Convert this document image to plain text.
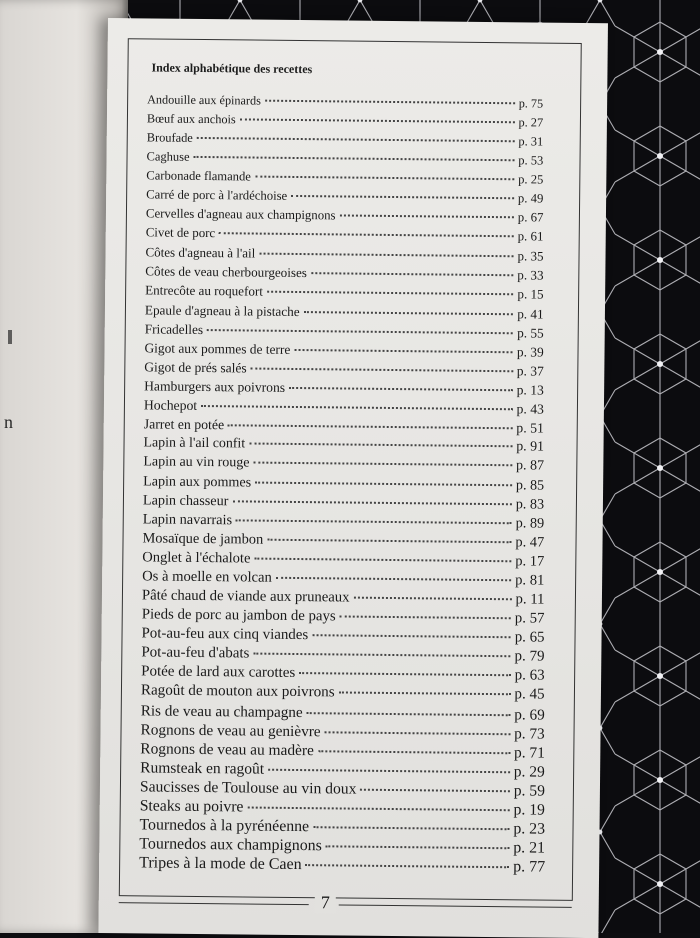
n
Index alphabétique des recettes
Andouille aux épinards	p. 75
Bœuf aux anchois	p. 27
Broufade	p. 31
Caghuse	p. 53
Carbonade flamande	p. 25
Carré de porc à l'ardéchoise	p. 49
Cervelles d'agneau aux champignons	p. 67
Civet de porc	p. 61
Côtes d'agneau à l'ail	p. 35
Côtes de veau cherbourgeoises	p. 33
Entrecôte au roquefort	p. 15
Epaule d'agneau à la pistache	p. 41
Fricadelles	p. 55
Gigot aux pommes de terre	p. 39
Gigot de prés salés	p. 37
Hamburgers aux poivrons	p. 13
Hochepot	p. 43
Jarret en potée	p. 51
Lapin à l'ail confit	p. 91
Lapin au vin rouge	p. 87
Lapin aux pommes	p. 85
Lapin chasseur	p. 83
Lapin navarrais	p. 89
Mosaïque de jambon	p. 47
Onglet à l'échalote	p. 17
Os à moelle en volcan	p. 81
Pâté chaud de viande aux pruneaux	p. 11
Pieds de porc au jambon de pays	p. 57
Pot-au-feu aux cinq viandes	p. 65
Pot-au-feu d'abats	p. 79
Potée de lard aux carottes	p. 63
Ragoût de mouton aux poivrons	p. 45
Ris de veau au champagne	p. 69
Rognons de veau au genièvre	p. 73
Rognons de veau au madère	p. 71
Rumsteak en ragoût	p. 29
Saucisses de Toulouse au vin doux	p. 59
Steaks au poivre	p. 19
Tournedos à la pyrénéenne	p. 23
Tournedos aux champignons	p. 21
Tripes à la mode de Caen	p. 77
7
